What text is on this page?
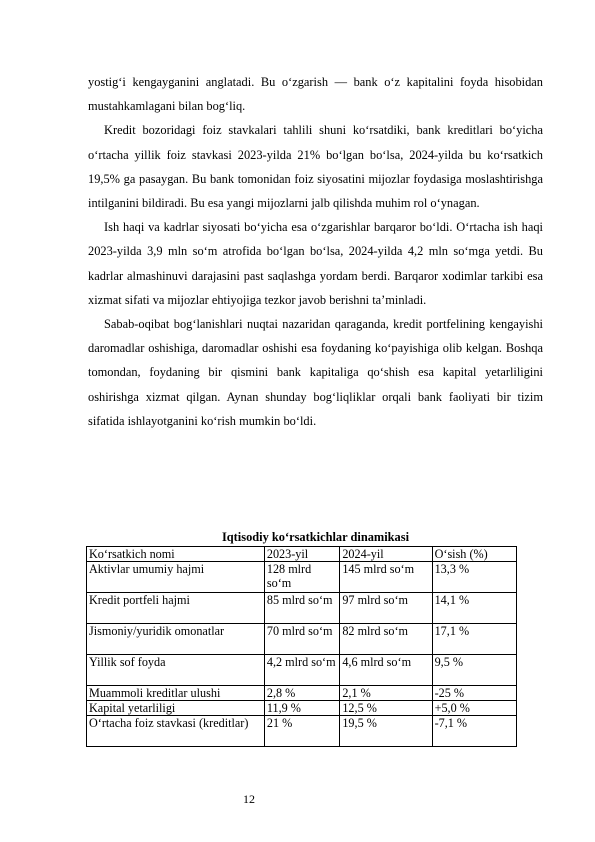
yostig‘i kengayganini anglatadi. Bu o‘zgarish — bank o‘z kapitalini foyda hisobidan mustahkamlagani bilan bog‘liq.

Kredit bozoridagi foiz stavkalari tahlili shuni ko‘rsatdiki, bank kreditlari bo‘yicha o‘rtacha yillik foiz stavkasi 2023-yilda 21% bo‘lgan bo‘lsa, 2024-yilda bu ko‘rsatkich 19,5% ga pasaygan. Bu bank tomonidan foiz siyosatini mijozlar foydasiga moslashtirishga intilganini bildiradi. Bu esa yangi mijozlarni jalb qilishda muhim rol o‘ynagan.

Ish haqi va kadrlar siyosati bo‘yicha esa o‘zgarishlar barqaror bo‘ldi. O‘rtacha ish haqi 2023-yilda 3,9 mln so‘m atrofida bo‘lgan bo‘lsa, 2024-yilda 4,2 mln so‘mga yetdi. Bu kadrlar almashinuvi darajasini past saqlashga yordam berdi. Barqaror xodimlar tarkibi esa xizmat sifati va mijozlar ehtiyojiga tezkor javob berishni ta’minladi.

Sabab-oqibat bog‘lanishlari nuqtai nazaridan qaraganda, kredit portfelining kengayishi daromadlar oshishiga, daromadlar oshishi esa foydaning ko‘payishiga olib kelgan. Boshqa tomondan, foydaning bir qismini bank kapitaliga qo‘shish esa kapital yetarliligini oshirishga xizmat qilgan. Aynan shunday bog‘liqliklar orqali bank faoliyati bir tizim sifatida ishlayotganini ko‘rish mumkin bo‘ldi.

Iqtisodiy ko‘rsatkichlar dinamikasi
Ko‘rsatkich nomi	2023-yil	2024-yil	O‘sish (%)
Aktivlar umumiy hajmi	128 mlrd so‘m	145 mlrd so‘m	13,3 %
Kredit portfeli hajmi	85 mlrd so‘m	97 mlrd so‘m	14,1 %
Jismoniy/yuridik omonatlar	70 mlrd so‘m	82 mlrd so‘m	17,1 %
Yillik sof foyda	4,2 mlrd so‘m	4,6 mlrd so‘m	9,5 %
Muammoli kreditlar ulushi	2,8 %	2,1 %	-25 %
Kapital yetarliligi	11,9 %	12,5 %	+5,0 %
O‘rtacha foiz stavkasi (kreditlar)	21 %	19,5 %	-7,1 %
12
